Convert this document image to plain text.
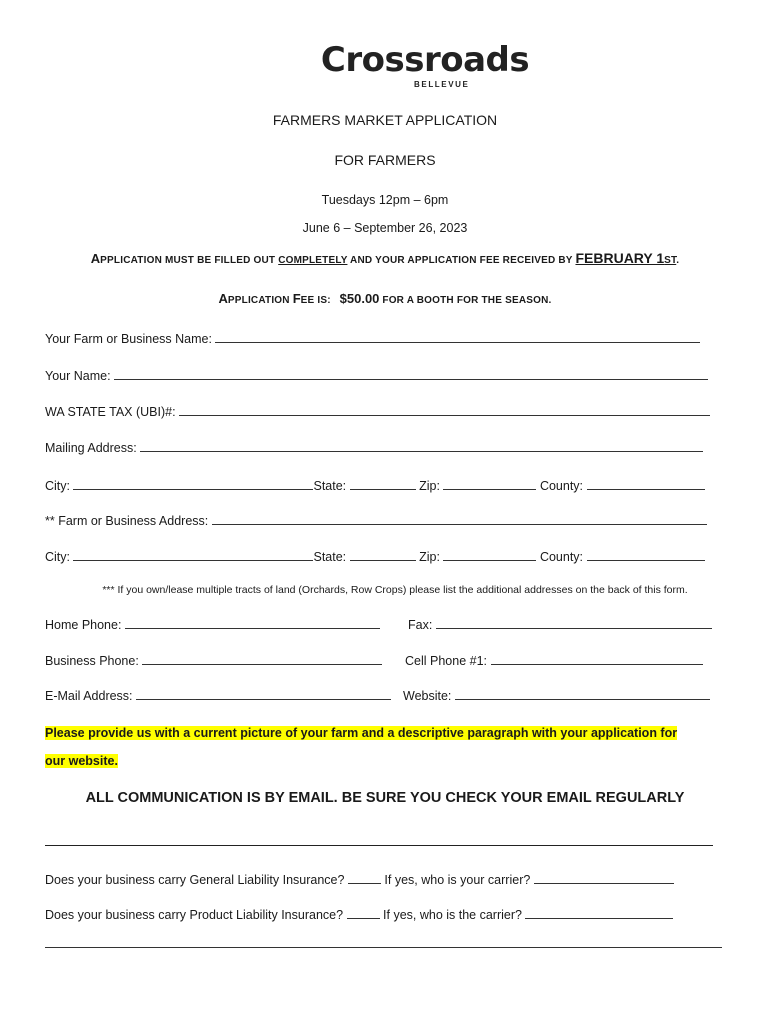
Crossroads
BELLEVUE
FARMERS MARKET APPLICATION
FOR FARMERS
Tuesdays 12pm – 6pm
June 6 – September 26, 2023
APPLICATION MUST BE FILLED OUT COMPLETELY AND YOUR APPLICATION FEE RECEIVED BY FEBRUARY 1ST.
APPLICATION FEE IS: $50.00 FOR A BOOTH FOR THE SEASON.
Your Farm or Business Name:
Your Name:
WA STATE TAX (UBI)#:
Mailing Address:
City:	State:	Zip:	County:
** Farm or Business Address:
City:	State:	Zip:	County:
*** If you own/lease multiple tracts of land (Orchards, Row Crops) please list the additional addresses on the back of this form.
Home Phone:	Fax:
Business Phone:	Cell Phone #1:
E-Mail Address:	Website:
Please provide us with a current picture of your farm and a descriptive paragraph with your application for
our website.
ALL COMMUNICATION IS BY EMAIL. BE SURE YOU CHECK YOUR EMAIL REGULARLY
Does your business carry General Liability Insurance?	If yes, who is your carrier?
Does your business carry Product Liability Insurance?	If yes, who is the carrier?
